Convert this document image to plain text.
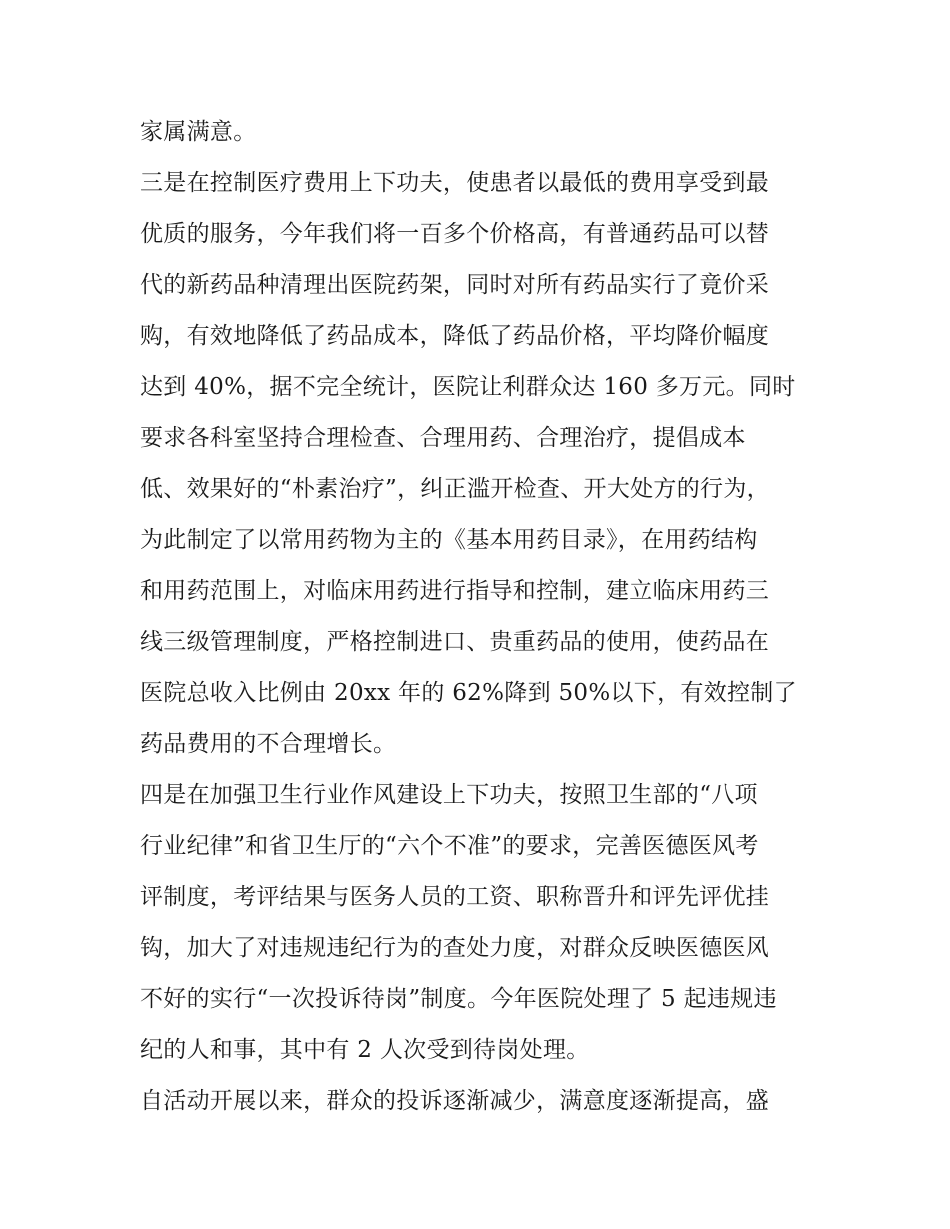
家属满意。
三是在控制医疗费用上下功夫，使患者以最低的费用享受到最
优质的服务，今年我们将一百多个价格高，有普通药品可以替
代的新药品种清理出医院药架，同时对所有药品实行了竟价采
购，有效地降低了药品成本，降低了药品价格，平均降价幅度
达到 40%，据不完全统计，医院让利群众达 160 多万元。同时
要求各科室坚持合理检查、合理用药、合理治疗，提倡成本
低、效果好的“朴素治疗”，纠正滥开检查、开大处方的行为，
为此制定了以常用药物为主的《基本用药目录》，在用药结构
和用药范围上，对临床用药进行指导和控制，建立临床用药三
线三级管理制度，严格控制进口、贵重药品的使用，使药品在
医院总收入比例由 20xx 年的 62%降到 50%以下，有效控制了
药品费用的不合理增长。
四是在加强卫生行业作风建设上下功夫，按照卫生部的“八项
行业纪律”和省卫生厅的“六个不准”的要求，完善医德医风考
评制度，考评结果与医务人员的工资、职称晋升和评先评优挂
钩，加大了对违规违纪行为的查处力度，对群众反映医德医风
不好的实行“一次投诉待岗”制度。今年医院处理了 5 起违规违
纪的人和事，其中有 2 人次受到待岗处理。
自活动开展以来，群众的投诉逐渐减少，满意度逐渐提高，盛
